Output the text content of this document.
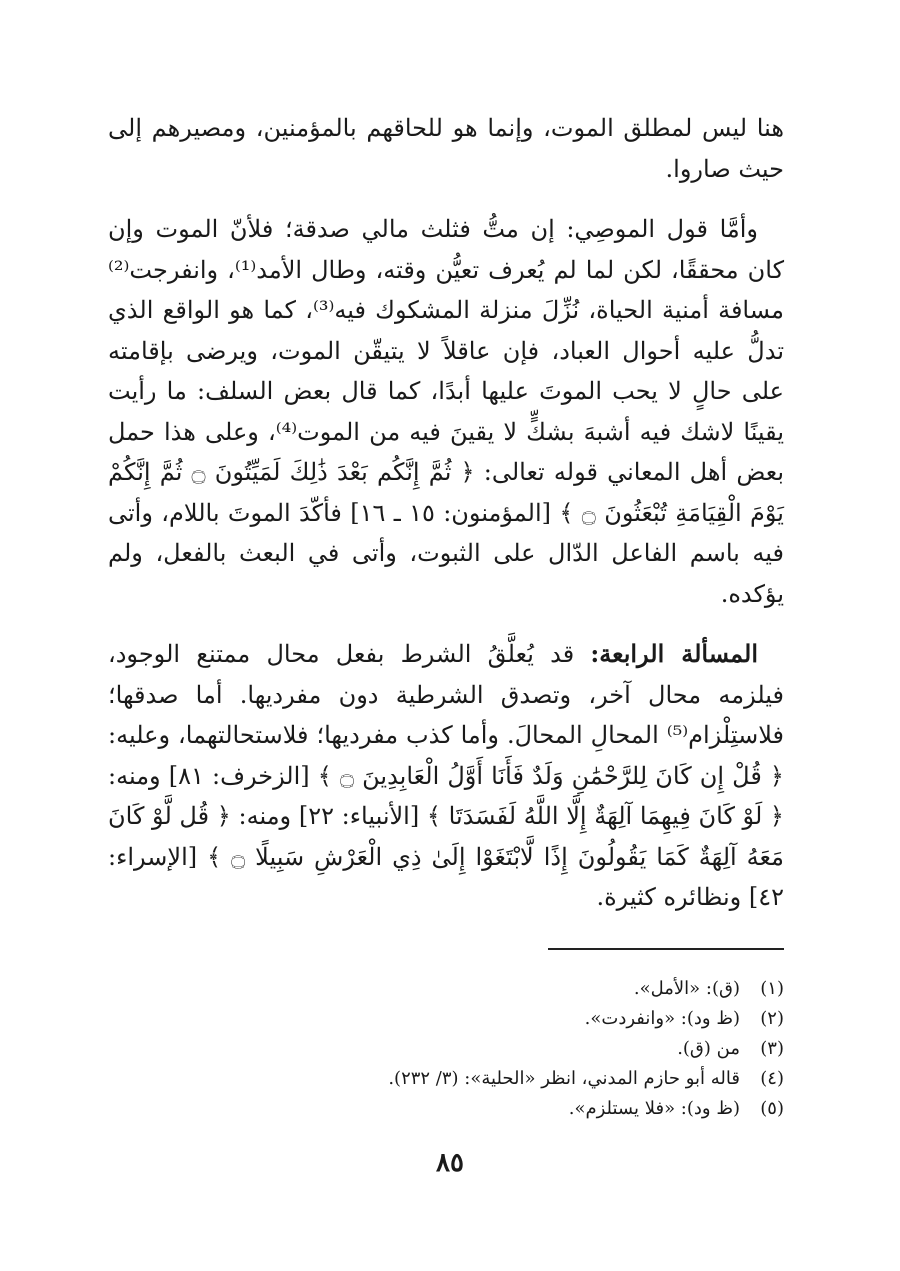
هنا ليس لمطلق الموت، وإنما هو للحاقهم بالمؤمنين، ومصيرهم إلى حيث صاروا.

وأمَّا قول الموصِي: إن متُّ فثلث مالي صدقة؛ فلأنّ الموت وإن كان محققًا، لكن لما لم يُعرف تعيُّن وقته، وطال الأمد⁽¹⁾، وانفرجت⁽²⁾ مسافة أمنية الحياة، نُزِّلَ منزلة المشكوك فيه⁽³⁾، كما هو الواقع الذي تدلُّ عليه أحوال العباد، فإن عاقلاً لا يتيقّن الموت، ويرضى بإقامته على حالٍ لا يحب الموتَ عليها أبدًا، كما قال بعض السلف: ما رأيت يقينًا لاشك فيه أشبهَ بشكٍّ لا يقينَ فيه من الموت⁽⁴⁾، وعلى هذا حمل بعض أهل المعاني قوله تعالى: ﴿ ثُمَّ إِنَّكُم بَعْدَ ذَٰلِكَ لَمَيِّتُونَ ۝ ثُمَّ إِنَّكُمْ يَوْمَ الْقِيَامَةِ تُبْعَثُونَ ۝ ﴾ [المؤمنون: ١٥ ـ ١٦] فأكّدَ الموتَ باللام، وأتى فيه باسم الفاعل الدّال على الثبوت، وأتى في البعث بالفعل، ولم يؤكده.

المسألة الرابعة: قد يُعلَّقُ الشرط بفعل محال ممتنع الوجود، فيلزمه محال آخر، وتصدق الشرطية دون مفرديها. أما صدقها؛ فلاستِلْزام⁽⁵⁾ المحالِ المحالَ. وأما كذب مفرديها؛ فلاستحالتهما، وعليه: ﴿ قُلْ إِن كَانَ لِلرَّحْمَٰنِ وَلَدٌ فَأَنَا أَوَّلُ الْعَابِدِينَ ۝ ﴾ [الزخرف: ٨١] ومنه: ﴿ لَوْ كَانَ فِيهِمَا آلِهَةٌ إِلَّا اللَّهُ لَفَسَدَتَا ﴾ [الأنبياء: ٢٢] ومنه: ﴿ قُل لَّوْ كَانَ مَعَهُ آلِهَةٌ كَمَا يَقُولُونَ إِذًا لَّابْتَغَوْا إِلَىٰ ذِي الْعَرْشِ سَبِيلًا ۝ ﴾ [الإسراء: ٤٢] ونظائره كثيرة.

(١)
(ق): «الأمل».
(٢)
(ظ ود): «وانفردت».
(٣)
من (ق).
(٤)
قاله أبو حازم المدني، انظر «الحلية»: (٣/ ٢٣٢).
(٥)
(ظ ود): «فلا يستلزم».
٨٥
